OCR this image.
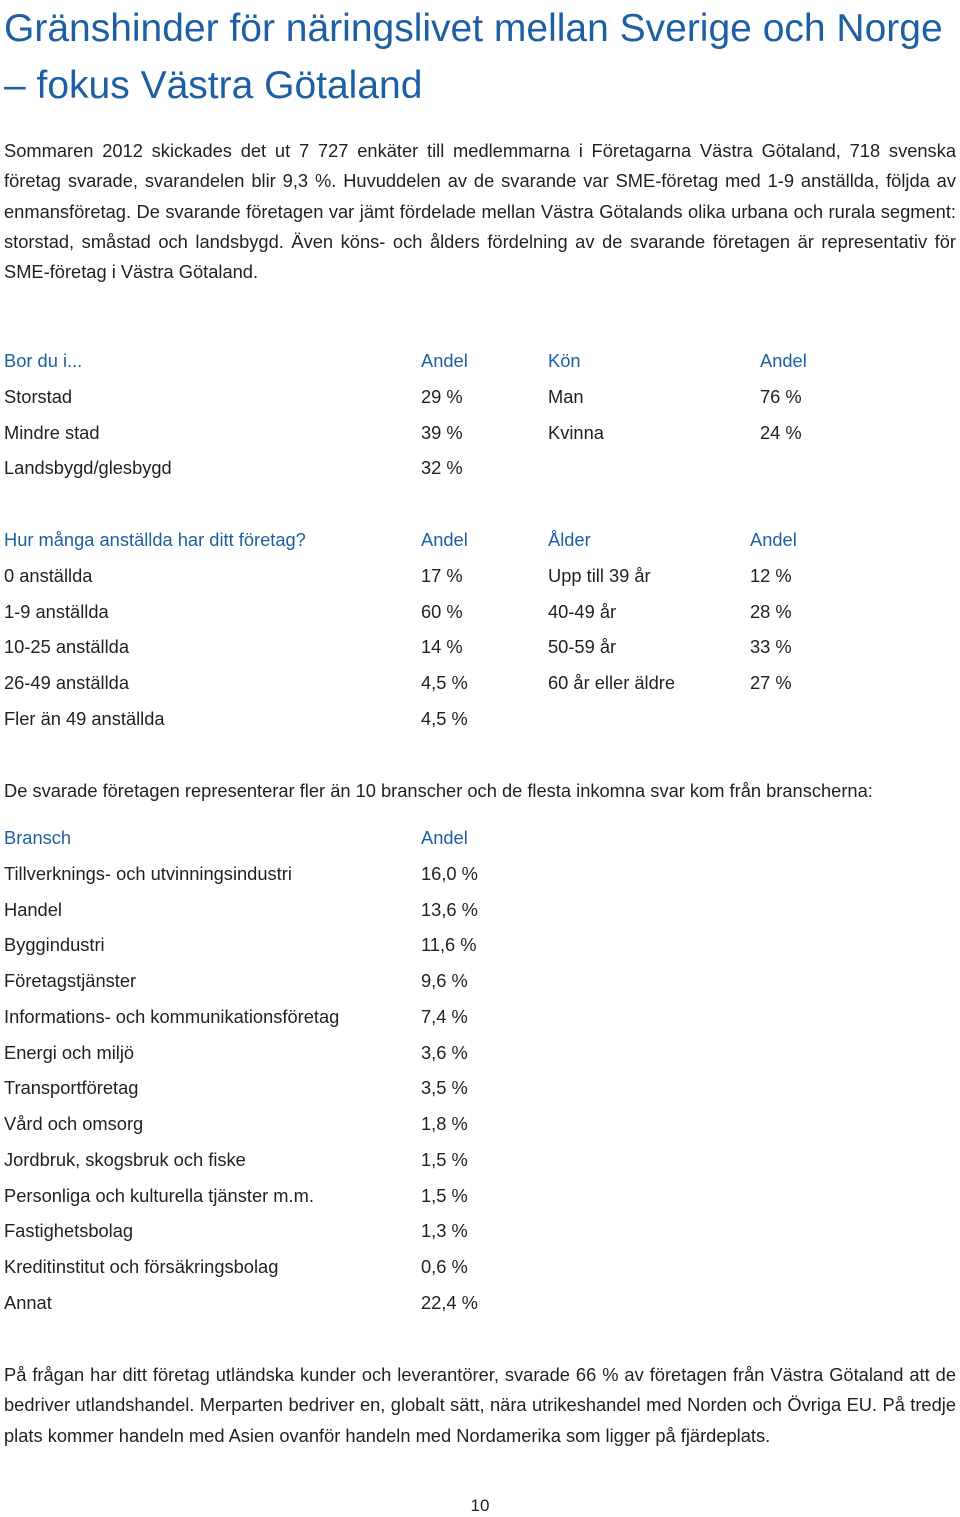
Gränshinder för näringslivet mellan Sverige och Norge – fokus Västra Götaland

Sommaren 2012 skickades det ut 7 727 enkäter till medlemmarna i Företagarna Västra Götaland, 718 svenska företag svarade, svarandelen blir 9,3 %. Huvuddelen av de svarande var SME-företag med 1-9 anställda, följda av enmansföretag. De svarande företagen var jämt fördelade mellan Västra Götalands olika urbana och rurala segment: storstad, småstad och landsbygd. Även köns- och ålders fördelning av de svarande företagen är representativ för SME-företag i Västra Götaland.

Bor du i...	Andel
Storstad	29 %
Mindre stad	39 %
Landsbygd/glesbygd	32 %
Kön	Andel
Man	76 %
Kvinna	24 %
Hur många anställda har ditt företag?	Andel
0 anställda	17 %
1-9 anställda	60 %
10-25 anställda	14 %
26-49 anställda	4,5 %
Fler än 49 anställda	4,5 %
Ålder	Andel
Upp till 39 år	12 %
40-49 år	28 %
50-59 år	33 %
60 år eller äldre	27 %
Bransch	Andel
Tillverknings- och utvinningsindustri	16,0 %
Handel	13,6 %
Byggindustri	11,6 %
Företagstjänster	9,6 %
Informations- och kommunikationsföretag	7,4 %
Energi och miljö	3,6 %
Transportföretag	3,5 %
Vård och omsorg	1,8 %
Jordbruk, skogsbruk och fiske	1,5 %
Personliga och kulturella tjänster m.m.	1,5 %
Fastighetsbolag	1,3 %
Kreditinstitut och försäkringsbolag	0,6 %
Annat	22,4 %

De svarade företagen representerar fler än 10 branscher och de flesta inkomna svar kom från branscherna:

På frågan har ditt företag utländska kunder och leverantörer, svarade 66 % av företagen från Västra Götaland att de bedriver utlandshandel. Merparten bedriver en, globalt sätt, nära utrikeshandel med Norden och Övriga EU. På tredje plats kommer handeln med Asien ovanför handeln med Nordamerika som ligger på fjärdeplats.

10
